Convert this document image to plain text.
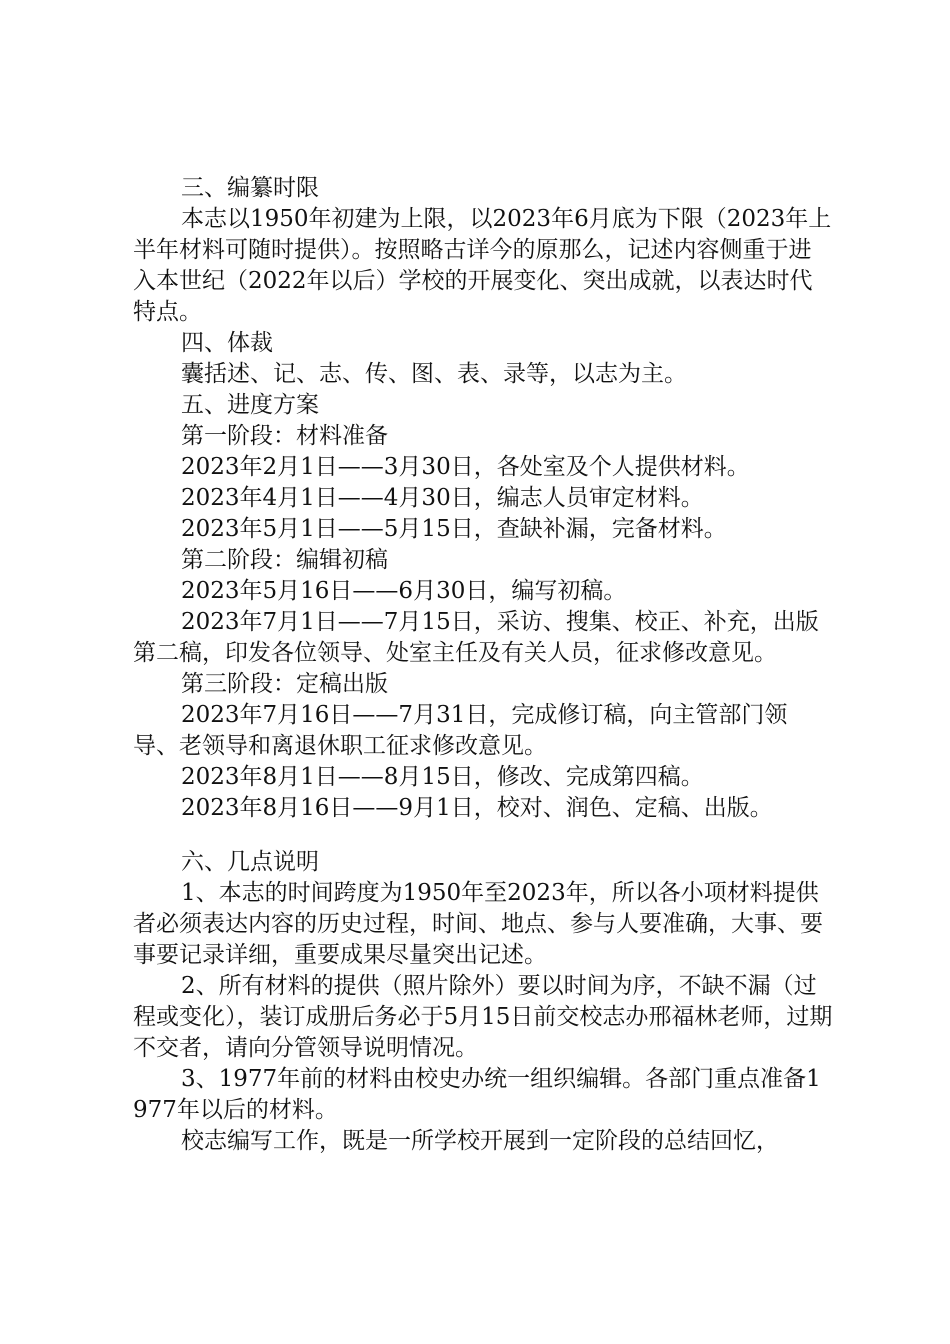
三、编纂时限

本志以1950年初建为上限，以2023年6月底为下限（2023年上半年材料可随时提供）。按照略古详今的原那么，记述内容侧重于进入本世纪（2022年以后）学校的开展变化、突出成就，以表达时代特点。

四、体裁

囊括述、记、志、传、图、表、录等，以志为主。

五、进度方案

第一阶段：材料准备

2023年2月1日——3月30日，各处室及个人提供材料。

2023年4月1日——4月30日，编志人员审定材料。

2023年5月1日——5月15日，查缺补漏，完备材料。

第二阶段：编辑初稿

2023年5月16日——6月30日，编写初稿。

2023年7月1日——7月15日，采访、搜集、校正、补充，出版第二稿，印发各位领导、处室主任及有关人员，征求修改意见。

第三阶段：定稿出版

2023年7月16日——7月31日，完成修订稿，向主管部门领导、老领导和离退休职工征求修改意见。

2023年8月1日——8月15日，修改、完成第四稿。

2023年8月16日——9月1日，校对、润色、定稿、出版。

六、几点说明

1、本志的时间跨度为1950年至2023年，所以各小项材料提供者必须表达内容的历史过程，时间、地点、参与人要准确，大事、要事要记录详细，重要成果尽量突出记述。

2、所有材料的提供（照片除外）要以时间为序，不缺不漏（过程或变化），装订成册后务必于5月15日前交校志办邢福林老师，过期不交者，请向分管领导说明情况。

3、1977年前的材料由校史办统一组织编辑。各部门重点准备1977年以后的材料。

校志编写工作，既是一所学校开展到一定阶段的总结回忆，
